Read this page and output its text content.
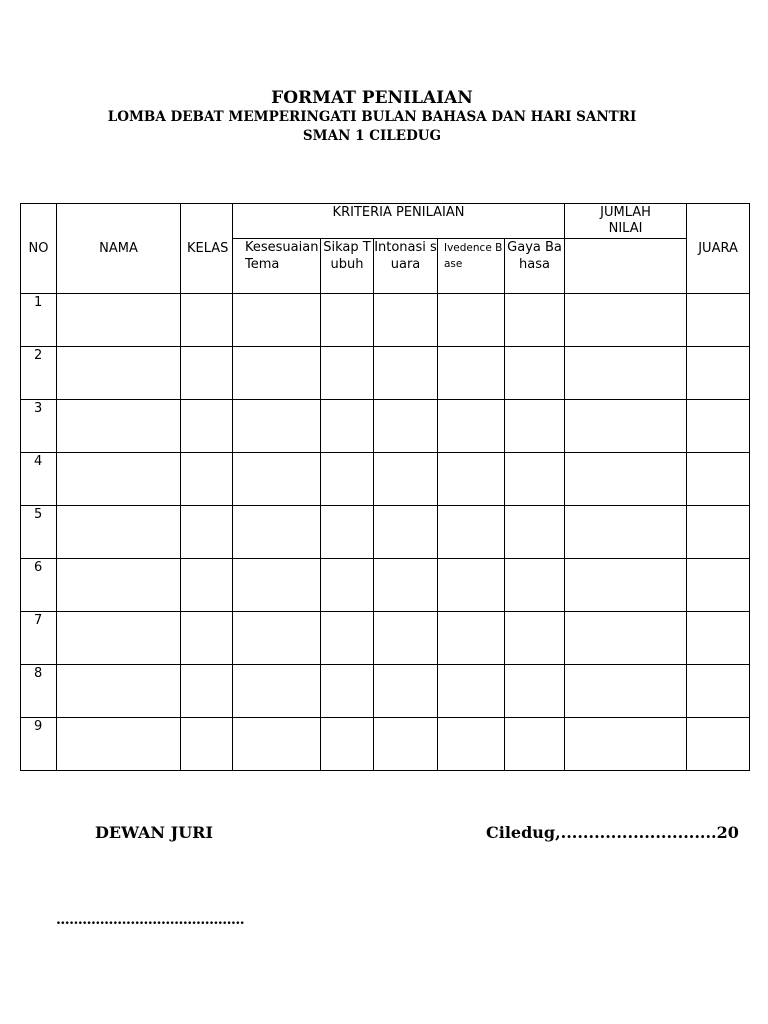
FORMAT PENILAIAN
LOMBA DEBAT MEMPERINGATI BULAN BAHASA DAN HARI SANTRI
SMAN 1 CILEDUG
NO	NAMA	KELAS	KRITERIA PENILAIAN					JUMLAH NILAI	JUARA
			Kesesuaian Tema	Sikap Tubuh	Intonasi suara	Ivedence Base	Gaya Bahasa		
1									
2									
3									
4									
5									
6									
7									
8									
9									
DEWAN JURI	Ciledug,............................20
...........................................
